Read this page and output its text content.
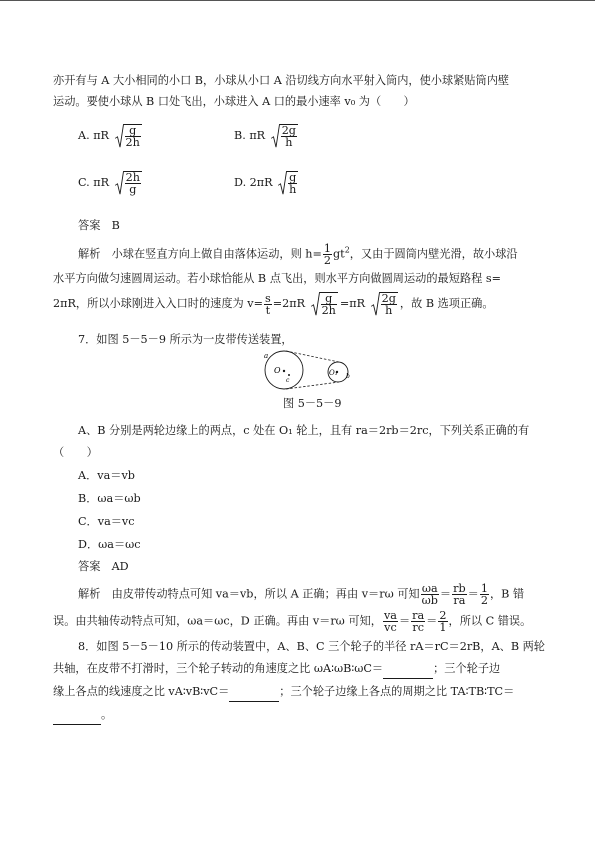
亦开有与 A 大小相同的小口 B，小球从小口 A 沿切线方向水平射入筒内，使小球紧贴筒内壁
运动。要使小球从 B 口处飞出，小球进入 A 口的最小速率 v₀ 为（　　）
A. πR $\frac{g}{2h}$	B. πR $\frac{2g}{h}$
C. πR $\frac{2h}{g}$	D. $2\pi R \frac{g}{h}$
答案　B
解析　小球在竖直方向上做自由落体运动，则 $h= \frac{1}{2} gt^2$，又由于圆筒内壁光滑，故小球沿
水平方向做匀速圆周运动。若小球恰能从 B 点飞出，则水平方向做圆周运动的最短路程 s=
2πR，所以小球刚进入入口时的速度为 $v= \frac{s}{t} =2\pi R \frac{g}{2h} =\pi R \frac{2g}{h}$ ，故 B 选项正确。
7．如图 5－5－9 所示为一皮带传送装置，
a
O
c
O₁ b
图 5－5－9
A、B 分别是两轮边缘上的两点，c 处在 O₁ 轮上，且有 ra＝2rb＝2rc，下列关系正确的有
（　　）
A．va＝vb
B．ωa＝ωb
C．va＝vc
D．ωa＝ωc
答案　AD
解析　由皮带传动特点可知 va＝vb，所以 A 正确；再由 v＝rω 可知 $\frac{\omega a}{\omega b} = \frac{rb}{ra} = \frac{1}{2}$ ，B 错
误。由共轴传动特点可知，ωa＝ωc，D 正确。再由 v＝rω 可知， $\frac{va}{vc} = \frac{ra}{rc} = \frac{2}{1}$ ，所以 C 错误。
8．如图 5－5－10 所示的传动装置中，A、B、C 三个轮子的半径 rA＝rC＝2rB，A、B 两轮
共轴，在皮带不打滑时，三个轮子转动的角速度之比 ωA∶ωB∶ωC＝	；三个轮子边
缘上各点的线速度之比 vA∶vB∶vC＝	；三个轮子边缘上各点的周期之比 TA∶TB∶TC＝
。
